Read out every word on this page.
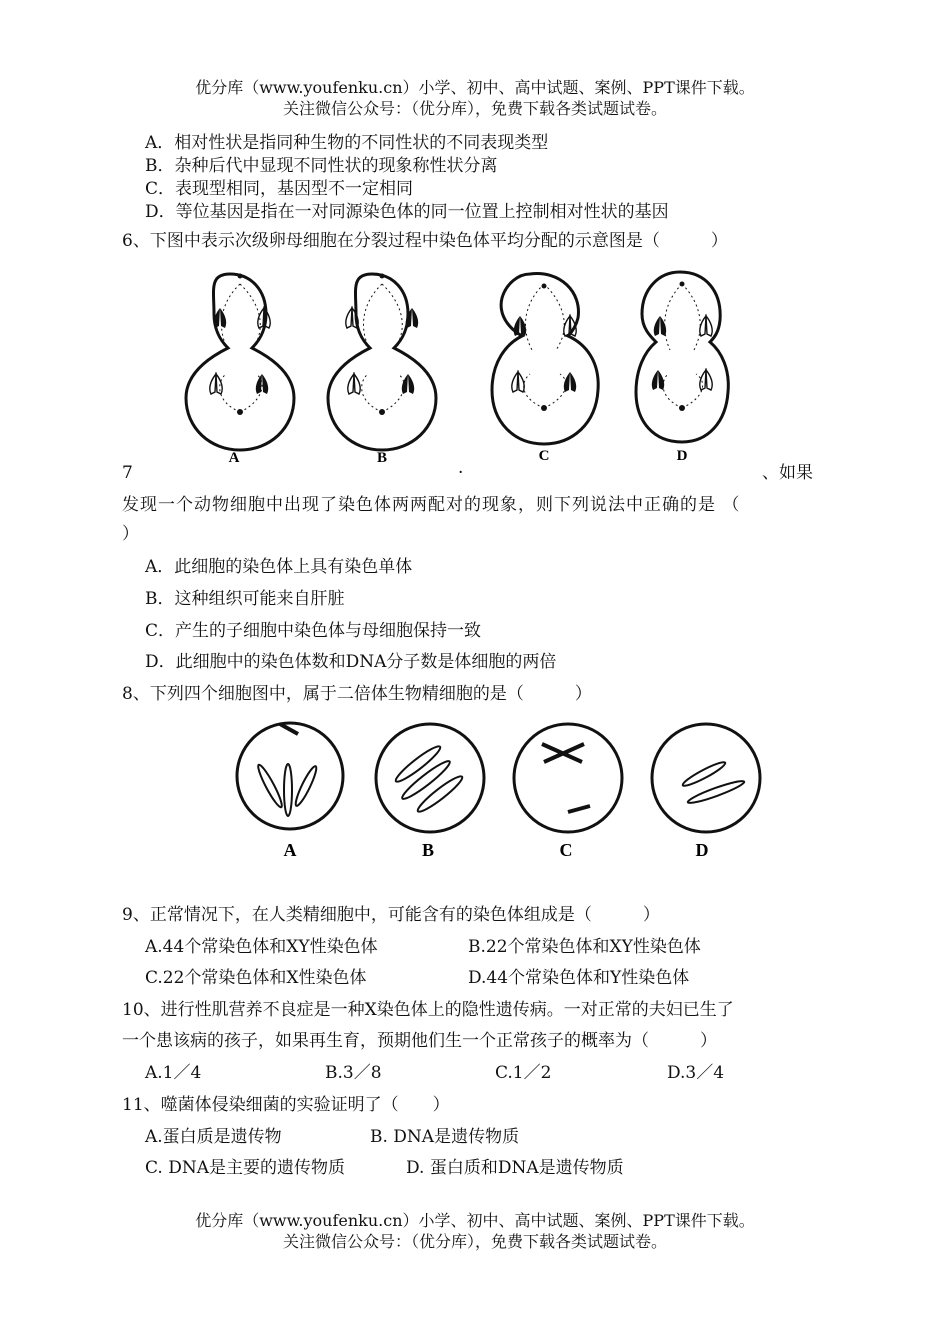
优分库（www.youfenku.cn）小学、初中、高中试题、案例、PPT课件下载。
关注微信公众号：（优分库），免费下载各类试题试卷。
A．相对性状是指同种生物的不同性状的不同表现类型
B．杂种后代中显现不同性状的现象称性状分离
C．表现型相同，基因型不一定相同
D．等位基因是指在一对同源染色体的同一位置上控制相对性状的基因
6、下图中表示次级卵母细胞在分裂过程中染色体平均分配的示意图是（　　　）
A	B	C	D
7	·	、如果
发现一个动物细胞中出现了染色体两两配对的现象，则下列说法中正确的是 （
）
A．此细胞的染色体上具有染色单体
B．这种组织可能来自肝脏
C．产生的子细胞中染色体与母细胞保持一致
D．此细胞中的染色体数和DNA分子数是体细胞的两倍
8、下列四个细胞图中，属于二倍体生物精细胞的是（　　　）
A	B	C	D
9、正常情况下，在人类精细胞中，可能含有的染色体组成是（　　　）
A.44个常染色体和XY性染色体	B.22个常染色体和XY性染色体
C.22个常染色体和X性染色体	D.44个常染色体和Y性染色体
10、进行性肌营养不良症是一种X染色体上的隐性遗传病。一对正常的夫妇已生了
一个患该病的孩子，如果再生育，预期他们生一个正常孩子的概率为（　　　）
A.1／4	B.3／8	C.1／2	D.3／4
11、噬菌体侵染细菌的实验证明了（　　）
A.蛋白质是遗传物	B. DNA是遗传物质
C. DNA是主要的遗传物质	D. 蛋白质和DNA是遗传物质
优分库（www.youfenku.cn）小学、初中、高中试题、案例、PPT课件下载。
关注微信公众号：（优分库），免费下载各类试题试卷。
